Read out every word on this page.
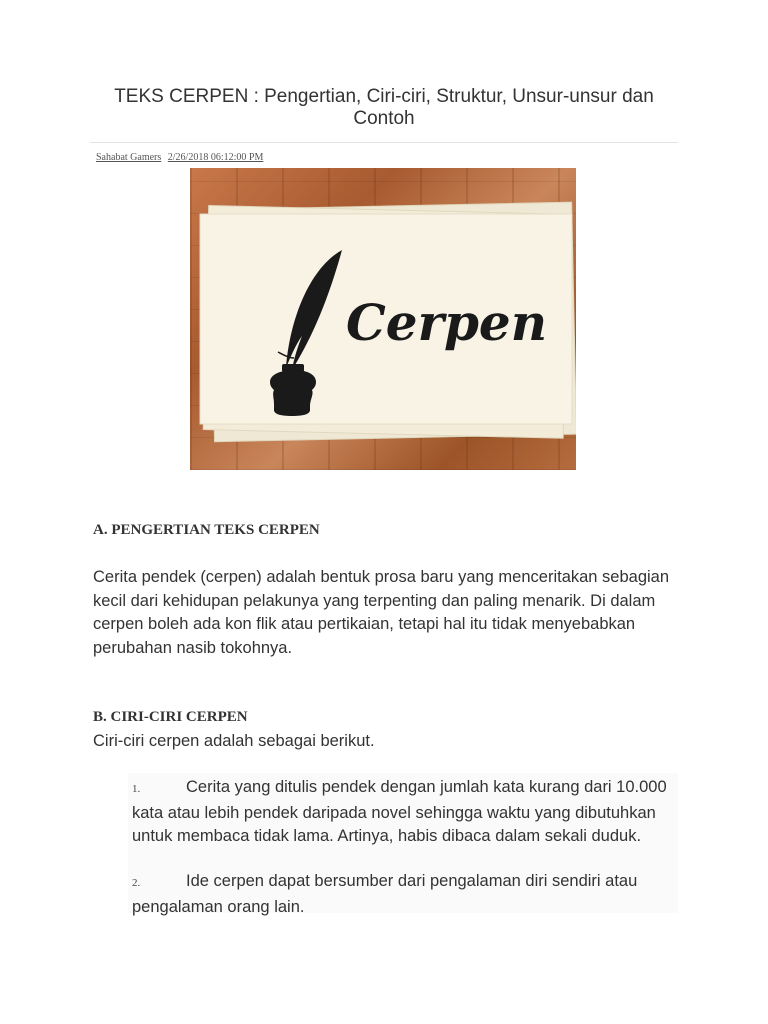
TEKS CERPEN : Pengertian, Ciri-ciri, Struktur, Unsur-unsur dan Contoh
Sahabat Gamers 2/26/2018 06:12:00 PM
Cerpen
A. PENGERTIAN TEKS CERPEN

Cerita pendek (cerpen) adalah bentuk prosa baru yang menceritakan sebagian kecil dari kehidupan pelakunya yang terpenting dan paling menarik. Di dalam cerpen boleh ada kon flik atau pertikaian, tetapi hal itu tidak menyebabkan perubahan nasib tokohnya.

B. CIRI-CIRI CERPEN

Ciri-ciri cerpen adalah sebagai berikut.

1.	Cerita yang ditulis pendek dengan jumlah kata kurang dari 10.000 kata atau lebih pendek daripada novel sehingga waktu yang dibutuhkan untuk membaca tidak lama. Artinya, habis dibaca dalam sekali duduk.

2.	Ide cerpen dapat bersumber dari pengalaman diri sendiri atau pengalaman orang lain.
